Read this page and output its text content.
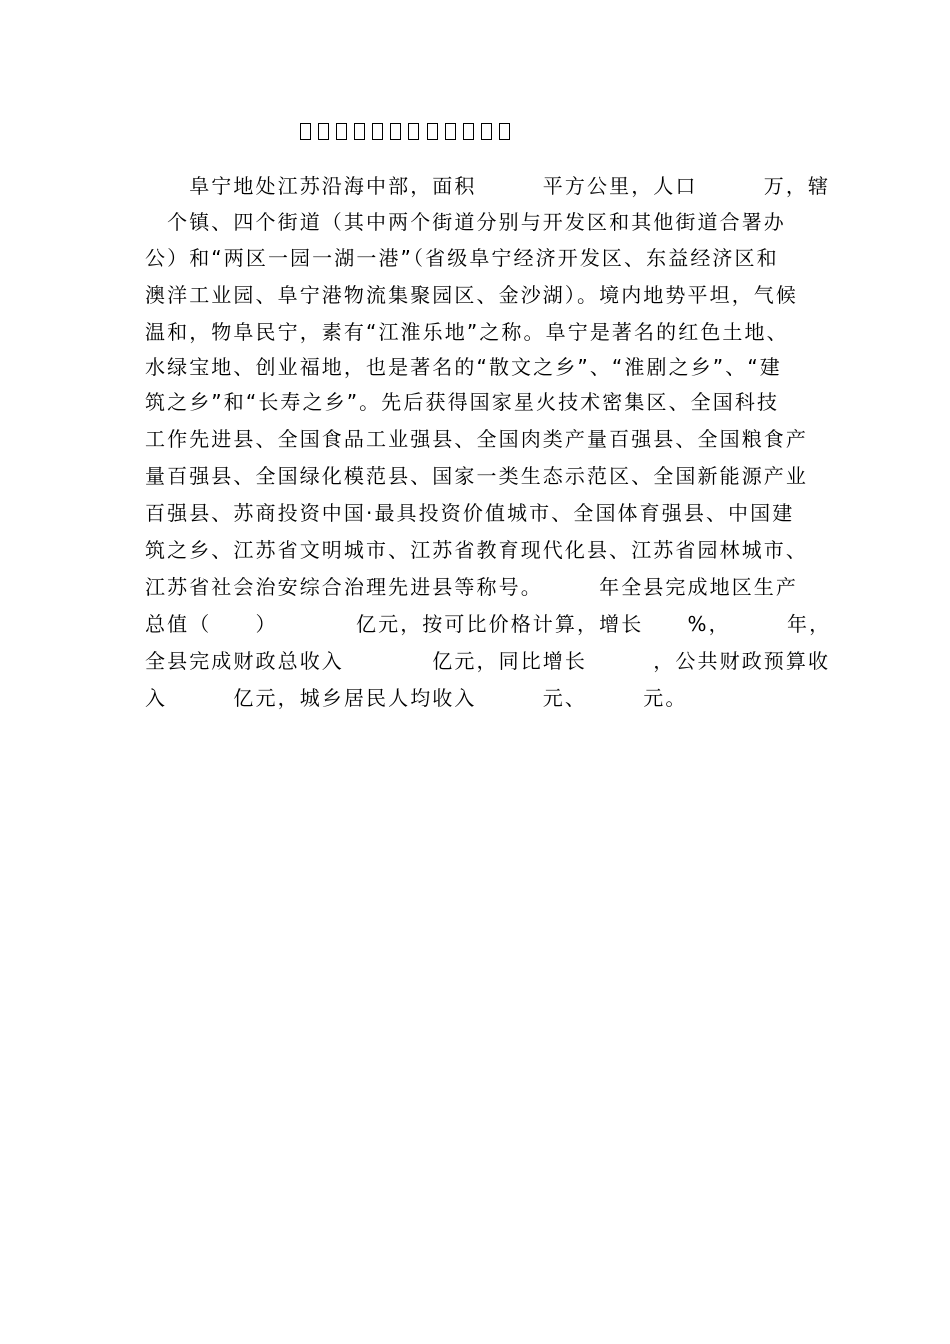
　　阜宁地处江苏沿海中部，面积　　　平方公里，人口　　　万，辖
　个镇、四个街道（其中两个街道分别与开发区和其他街道合署办
公）和“两区一园一湖一港”（省级阜宁经济开发区、东益经济区和
澳洋工业园、阜宁港物流集聚园区、金沙湖）。境内地势平坦，气候
温和，物阜民宁，素有“江淮乐地”之称。阜宁是著名的红色土地、
水绿宝地、创业福地，也是著名的“散文之乡”、“淮剧之乡”、“建
筑之乡”和“长寿之乡”。先后获得国家星火技术密集区、全国科技
工作先进县、全国食品工业强县、全国肉类产量百强县、全国粮食产
量百强县、全国绿化模范县、国家一类生态示范区、全国新能源产业
百强县、苏商投资中国·最具投资价值城市、全国体育强县、中国建
筑之乡、江苏省文明城市、江苏省教育现代化县、江苏省园林城市、
江苏省社会治安综合治理先进县等称号。　　　年全县完成地区生产
总值（　　）　　　　亿元，按可比价格计算，增长　　%，　　　年，
全县完成财政总收入　　　　亿元，同比增长　　　，公共财政预算收
入　　　亿元，城乡居民人均收入　　　元、　　　元。
